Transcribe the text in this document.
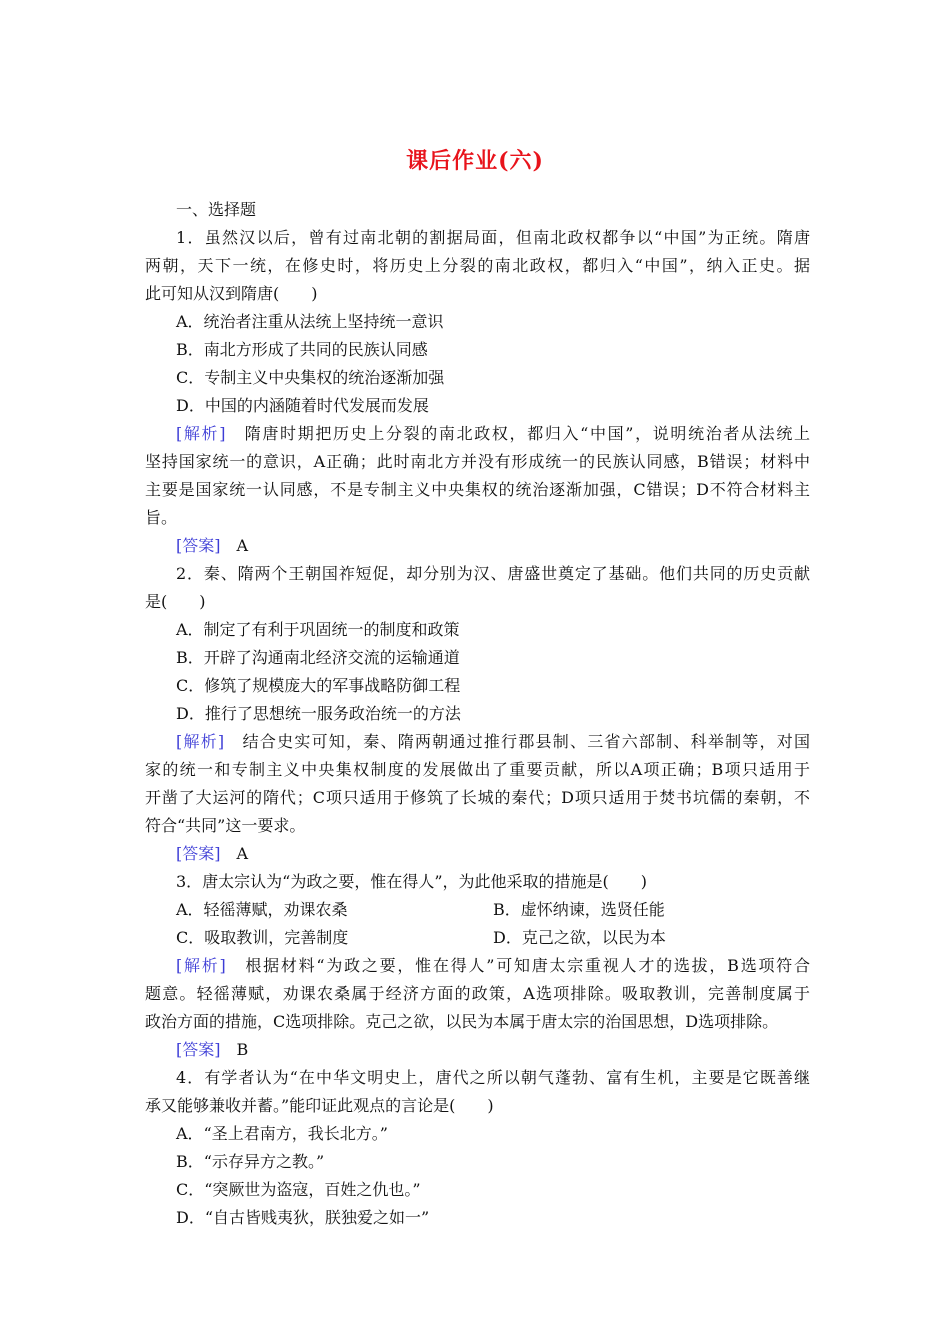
课后作业(六)
一、选择题
1．虽然汉以后，曾有过南北朝的割据局面，但南北政权都争以“中国”为正统。隋唐
两朝，天下一统，在修史时，将历史上分裂的南北政权，都归入“中国”，纳入正史。据
此可知从汉到隋唐(　　)
A．统治者注重从法统上坚持统一意识
B．南北方形成了共同的民族认同感
C．专制主义中央集权的统治逐渐加强
D．中国的内涵随着时代发展而发展
[解析]　隋唐时期把历史上分裂的南北政权，都归入“中国”，说明统治者从法统上
坚持国家统一的意识，A正确；此时南北方并没有形成统一的民族认同感，B错误；材料中
主要是国家统一认同感，不是专制主义中央集权的统治逐渐加强，C错误；D不符合材料主
旨。
[答案]　A
2．秦、隋两个王朝国祚短促，却分别为汉、唐盛世奠定了基础。他们共同的历史贡献
是(　　)
A．制定了有利于巩固统一的制度和政策
B．开辟了沟通南北经济交流的运输通道
C．修筑了规模庞大的军事战略防御工程
D．推行了思想统一服务政治统一的方法
[解析]　结合史实可知，秦、隋两朝通过推行郡县制、三省六部制、科举制等，对国
家的统一和专制主义中央集权制度的发展做出了重要贡献，所以A项正确；B项只适用于
开凿了大运河的隋代；C项只适用于修筑了长城的秦代；D项只适用于焚书坑儒的秦朝，不
符合“共同”这一要求。
[答案]　A
3．唐太宗认为“为政之要，惟在得人”，为此他采取的措施是(　　)
A．轻徭薄赋，劝课农桑	B．虚怀纳谏，选贤任能
C．吸取教训，完善制度	D．克己之欲，以民为本
[解析]　根据材料“为政之要，惟在得人”可知唐太宗重视人才的选拔，B选项符合
题意。轻徭薄赋，劝课农桑属于经济方面的政策，A选项排除。吸取教训，完善制度属于
政治方面的措施，C选项排除。克己之欲，以民为本属于唐太宗的治国思想，D选项排除。
[答案]　B
4．有学者认为“在中华文明史上，唐代之所以朝气蓬勃、富有生机，主要是它既善继
承又能够兼收并蓄。”能印证此观点的言论是(　　)
A．“圣上君南方，我长北方。”
B．“示存异方之教。”
C．“突厥世为盗寇，百姓之仇也。”
D．“自古皆贱夷狄，朕独爱之如一”
